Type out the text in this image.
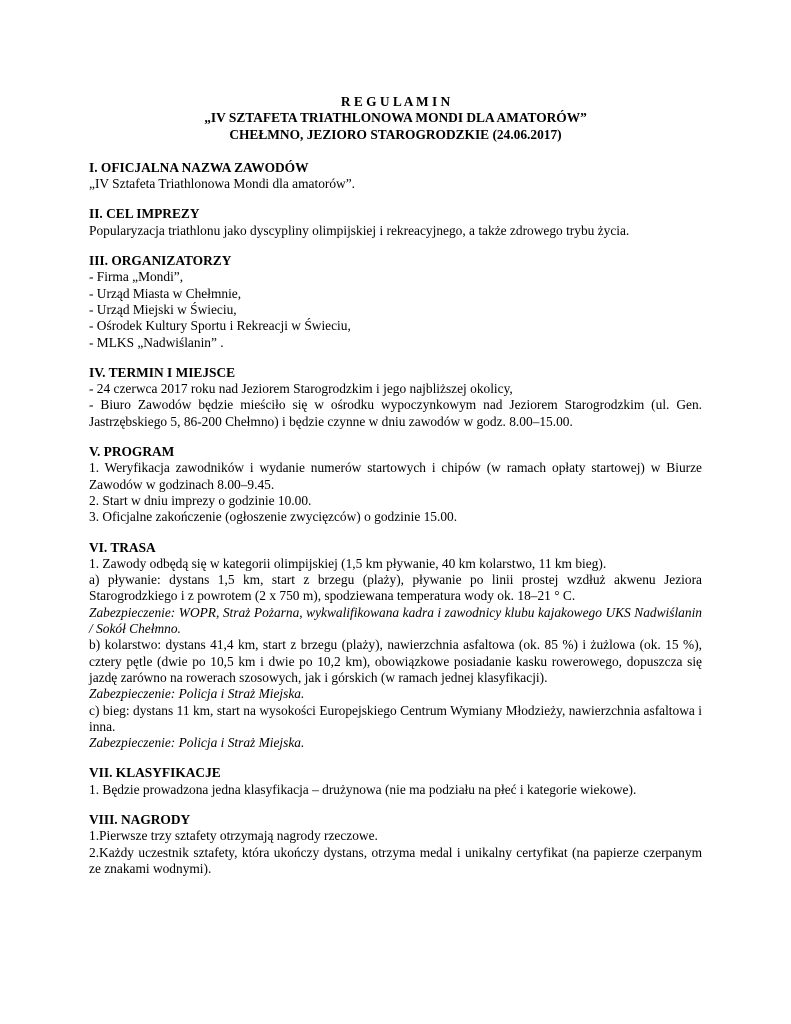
R E G U L A M I N
„IV SZTAFETA TRIATHLONOWA MONDI DLA AMATORÓW”
CHEŁMNO, JEZIORO STAROGRODZKIE (24.06.2017)
I. OFICJALNA NAZWA ZAWODÓW
„IV Sztafeta Triathlonowa Mondi dla amatorów”.
II. CEL IMPREZY
Popularyzacja triathlonu jako dyscypliny olimpijskiej i rekreacyjnego, a także zdrowego trybu życia.
III. ORGANIZATORZY
- Firma „Mondi”,
- Urząd Miasta w Chełmnie,
- Urząd Miejski w Świeciu,
- Ośrodek Kultury Sportu i Rekreacji w Świeciu,
- MLKS „Nadwiślanin” .
IV. TERMIN I MIEJSCE
- 24 czerwca 2017 roku nad Jeziorem Starogrodzkim i jego najbliższej okolicy,
- Biuro Zawodów będzie mieściło się w ośrodku wypoczynkowym nad Jeziorem Starogrodzkim (ul. Gen. Jastrzębskiego 5, 86-200 Chełmno) i będzie czynne w dniu zawodów w godz. 8.00–15.00.
V. PROGRAM
1. Weryfikacja zawodników i wydanie numerów startowych i chipów (w ramach opłaty startowej) w Biurze Zawodów w godzinach 8.00–9.45.
2. Start w dniu imprezy o godzinie 10.00.
3. Oficjalne zakończenie (ogłoszenie zwycięzców) o godzinie 15.00.
VI. TRASA
1. Zawody odbędą się w kategorii olimpijskiej (1,5 km pływanie, 40 km kolarstwo, 11 km bieg).
a) pływanie: dystans 1,5 km, start z brzegu (plaży), pływanie po linii prostej wzdłuż akwenu Jeziora Starogrodzkiego i z powrotem (2 x 750 m), spodziewana temperatura wody ok. 18–21 ° C.
Zabezpieczenie: WOPR, Straż Pożarna, wykwalifikowana kadra i zawodnicy klubu kajakowego UKS Nadwiślanin / Sokół Chełmno.
b) kolarstwo: dystans 41,4 km, start z brzegu (plaży), nawierzchnia asfaltowa (ok. 85 %) i żużlowa (ok. 15 %), cztery pętle (dwie po 10,5 km i dwie po 10,2 km), obowiązkowe posiadanie kasku rowerowego, dopuszcza się jazdę zarówno na rowerach szosowych, jak i górskich (w ramach jednej klasyfikacji).
Zabezpieczenie: Policja i Straż Miejska.
c) bieg: dystans 11 km, start na wysokości Europejskiego Centrum Wymiany Młodzieży, nawierzchnia asfaltowa i inna.
Zabezpieczenie: Policja i Straż Miejska.
VII. KLASYFIKACJE
1. Będzie prowadzona jedna klasyfikacja – drużynowa (nie ma podziału na płeć i kategorie wiekowe).
VIII. NAGRODY
1.Pierwsze trzy sztafety otrzymają nagrody rzeczowe.
2.Każdy uczestnik sztafety, która ukończy dystans, otrzyma medal i unikalny certyfikat (na papierze czerpanym ze znakami wodnymi).
